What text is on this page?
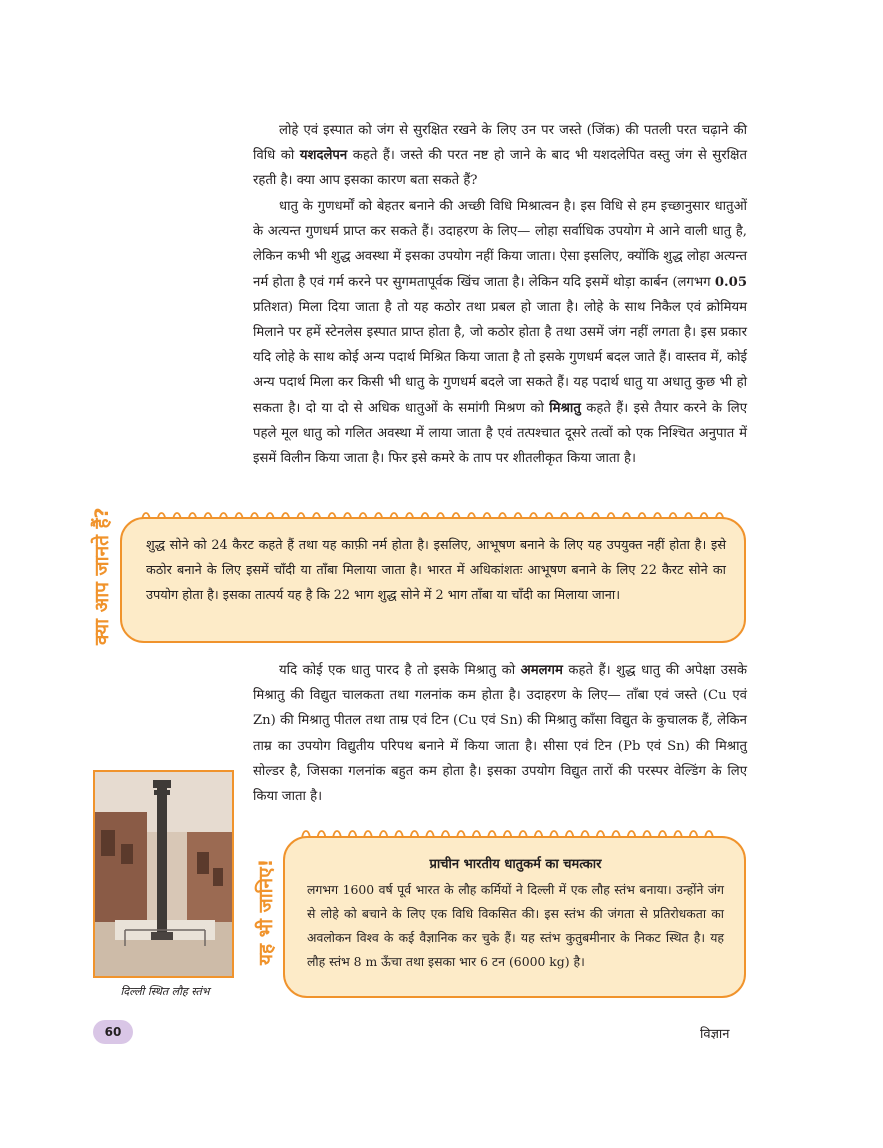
लोहे एवं इस्पात को जंग से सुरक्षित रखने के लिए उन पर जस्ते (जिंक) की पतली परत चढ़ाने की विधि को यशदलेपन कहते हैं। जस्ते की परत नष्ट हो जाने के बाद भी यशदलेपित वस्तु जंग से सुरक्षित रहती है। क्या आप इसका कारण बता सकते हैं?

धातु के गुणधर्मों को बेहतर बनाने की अच्छी विधि मिश्रात्वन है। इस विधि से हम इच्छानुसार धातुओं के अत्यन्त गुणधर्म प्राप्त कर सकते हैं। उदाहरण के लिए— लोहा सर्वाधिक उपयोग मे आने वाली धातु है, लेकिन कभी भी शुद्ध अवस्था में इसका उपयोग नहीं किया जाता। ऐसा इसलिए, क्योंकि शुद्ध लोहा अत्यन्त नर्म होता है एवं गर्म करने पर सुगमतापूर्वक खिंच जाता है। लेकिन यदि इसमें थोड़ा कार्बन (लगभग 0.05 प्रतिशत) मिला दिया जाता है तो यह कठोर तथा प्रबल हो जाता है। लोहे के साथ निकैल एवं क्रोमियम मिलाने पर हमें स्टेनलेस इस्पात प्राप्त होता है, जो कठोर होता है तथा उसमें जंग नहीं लगता है। इस प्रकार यदि लोहे के साथ कोई अन्य पदार्थ मिश्रित किया जाता है तो इसके गुणधर्म बदल जाते हैं। वास्तव में, कोई अन्य पदार्थ मिला कर किसी भी धातु के गुणधर्म बदले जा सकते हैं। यह पदार्थ धातु या अधातु कुछ भी हो सकता है। दो या दो से अधिक धातुओं के समांगी मिश्रण को मिश्रातु कहते हैं। इसे तैयार करने के लिए पहले मूल धातु को गलित अवस्था में लाया जाता है एवं तत्पश्चात दूसरे तत्वों को एक निश्चित अनुपात में इसमें विलीन किया जाता है। फिर इसे कमरे के ताप पर शीतलीकृत किया जाता है।

शुद्ध सोने को 24 कैरट कहते हैं तथा यह काफ़ी नर्म होता है। इसलिए, आभूषण बनाने के लिए यह उपयुक्त नहीं होता है। इसे कठोर बनाने के लिए इसमें चाँदी या ताँबा मिलाया जाता है। भारत में अधिकांशतः आभूषण बनाने के लिए 22 कैरट सोने का उपयोग होता है। इसका तात्पर्य यह है कि 22 भाग शुद्ध सोने में 2 भाग ताँबा या चाँदी का मिलाया जाना।

क्या आप जानते हैं?

यदि कोई एक धातु पारद है तो इसके मिश्रातु को अमलगम कहते हैं। शुद्ध धातु की अपेक्षा उसके मिश्रातु की विद्युत चालकता तथा गलनांक कम होता है। उदाहरण के लिए— ताँबा एवं जस्ते (Cu एवं Zn) की मिश्रातु पीतल तथा ताम्र एवं टिन (Cu एवं Sn) की मिश्रातु काँसा विद्युत के कुचालक हैं, लेकिन ताम्र का उपयोग विद्युतीय परिपथ बनाने में किया जाता है। सीसा एवं टिन (Pb एवं Sn) की मिश्रातु सोल्डर है, जिसका गलनांक बहुत कम होता है। इसका उपयोग विद्युत तारों की परस्पर वेल्डिंग के लिए किया जाता है।

दिल्ली स्थित लौह स्तंभ
प्राचीन भारतीय धातुकर्म का चमत्कार

लगभग 1600 वर्ष पूर्व भारत के लौह कर्मियों ने दिल्ली में एक लौह स्तंभ बनाया। उन्होंने जंग से लोहे को बचाने के लिए एक विधि विकसित की। इस स्तंभ की जंगता से प्रतिरोधकता का अवलोकन विश्व के कई वैज्ञानिक कर चुके हैं। यह स्तंभ कुतुबमीनार के निकट स्थित है। यह लौह स्तंभ 8 m ऊँचा तथा इसका भार 6 टन (6000 kg) है।

यह भी जानिए!
60	विज्ञान
